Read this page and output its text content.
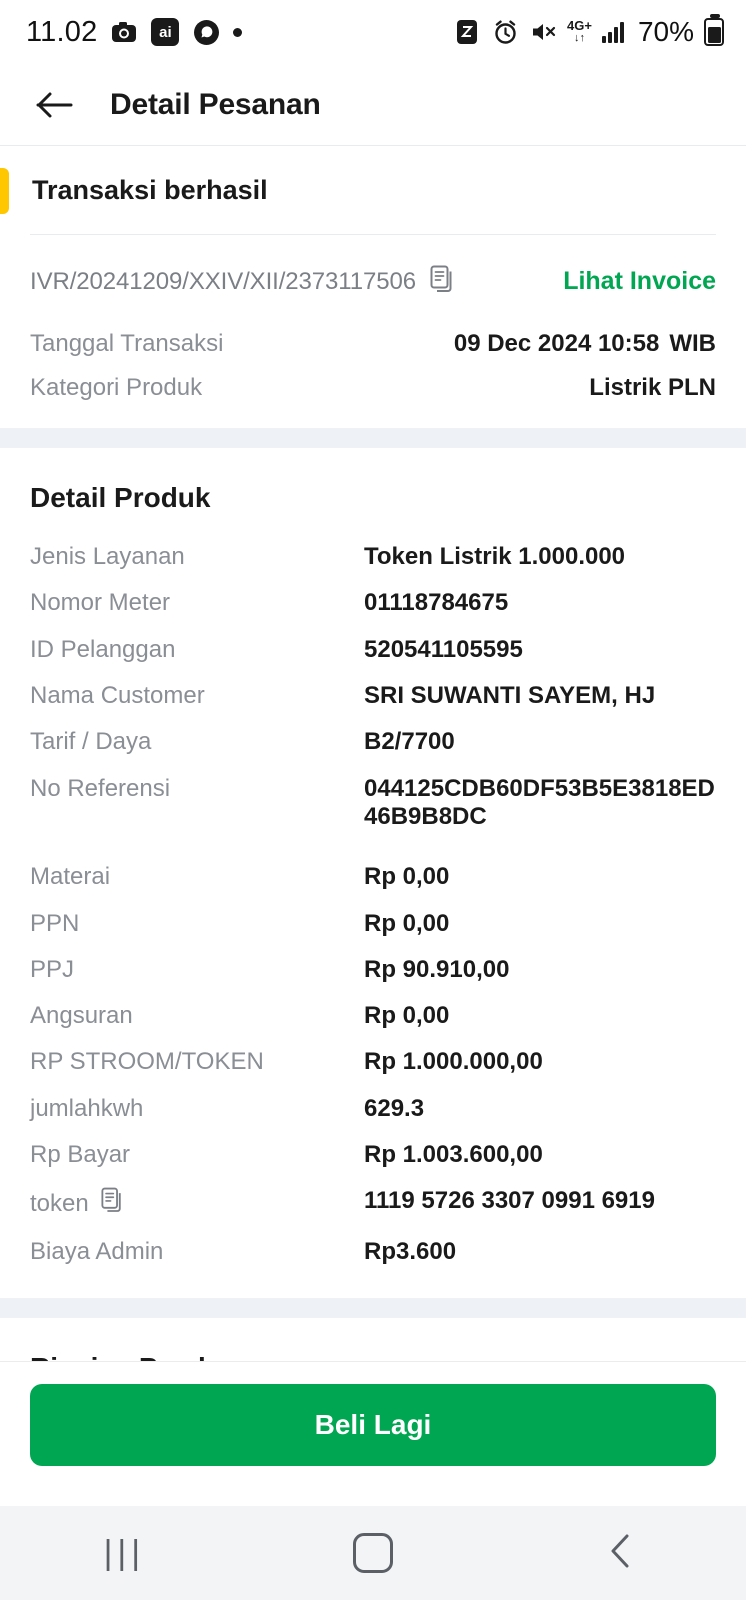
11.02	ai	4G+
↓↑ 70%
Detail Pesanan
Transaksi berhasil
IVR/20241209/XXIV/XII/2373117506	Lihat Invoice
Tanggal Transaksi	09 Dec 2024 10:58 WIB
Kategori Produk	Listrik PLN
Detail Produk
Jenis Layanan	Token Listrik 1.000.000
Nomor Meter	01118784675
ID Pelanggan	520541105595
Nama Customer	SRI SUWANTI SAYEM, HJ
Tarif / Daya	B2/7700
No Referensi	044125CDB60DF53B5E3818ED46B9B8DC
Materai	Rp 0,00
PPN	Rp 0,00
PPJ	Rp 90.910,00
Angsuran	Rp 0,00
RP STROOM/TOKEN	Rp 1.000.000,00
jumlahkwh	629.3
Rp Bayar	Rp 1.003.600,00
token	1119 5726 3307 0991 6919
Biaya Admin	Rp3.600
Beli Lagi
|||
